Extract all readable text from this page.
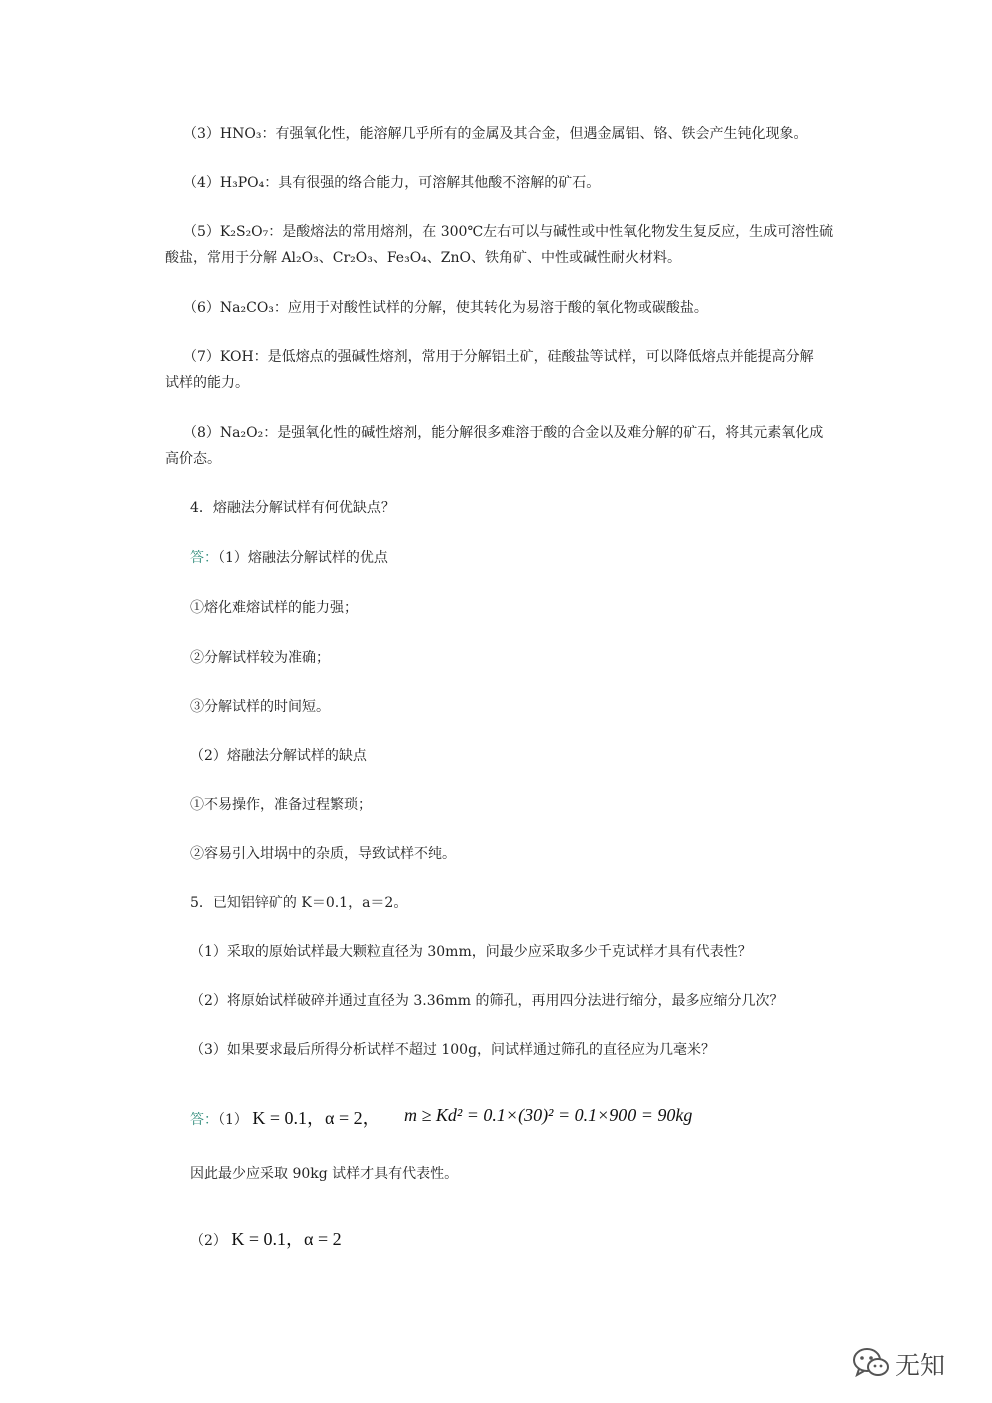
（3）HNO₃：有强氧化性，能溶解几乎所有的金属及其合金，但遇金属铝、铬、铁会产生钝化现象。
（4）H₃PO₄：具有很强的络合能力，可溶解其他酸不溶解的矿石。
（5）K₂S₂O₇：是酸熔法的常用熔剂，在 300℃左右可以与碱性或中性氧化物发生复反应，生成可溶性硫
酸盐，常用于分解 Al₂O₃、Cr₂O₃、Fe₃O₄、ZnO、铁角矿、中性或碱性耐火材料。
（6）Na₂CO₃：应用于对酸性试样的分解，使其转化为易溶于酸的氧化物或碳酸盐。
（7）KOH：是低熔点的强碱性熔剂，常用于分解铝土矿，硅酸盐等试样，可以降低熔点并能提高分解
试样的能力。
（8）Na₂O₂：是强氧化性的碱性熔剂，能分解很多难溶于酸的合金以及难分解的矿石，将其元素氧化成
高价态。
4．熔融法分解试样有何优缺点？
答：（1）熔融法分解试样的优点
①熔化难熔试样的能力强；
②分解试样较为准确；
③分解试样的时间短。
（2）熔融法分解试样的缺点
①不易操作，准备过程繁琐；
②容易引入坩埚中的杂质，导致试样不纯。
5．已知铝锌矿的 K＝0.1，a＝2。
（1）采取的原始试样最大颗粒直径为 30mm，问最少应采取多少千克试样才具有代表性？
（2）将原始试样破碎并通过直径为 3.36mm 的筛孔，再用四分法进行缩分，最多应缩分几次？
（3）如果要求最后所得分析试样不超过 100g，问试样通过筛孔的直径应为几毫米？
答：（1） K = 0.1，α = 2， m ≥ Kd² = 0.1×(30)² = 0.1×900 = 90kg
因此最少应采取 90kg 试样才具有代表性。
（2） K = 0.1，α = 2
无知
